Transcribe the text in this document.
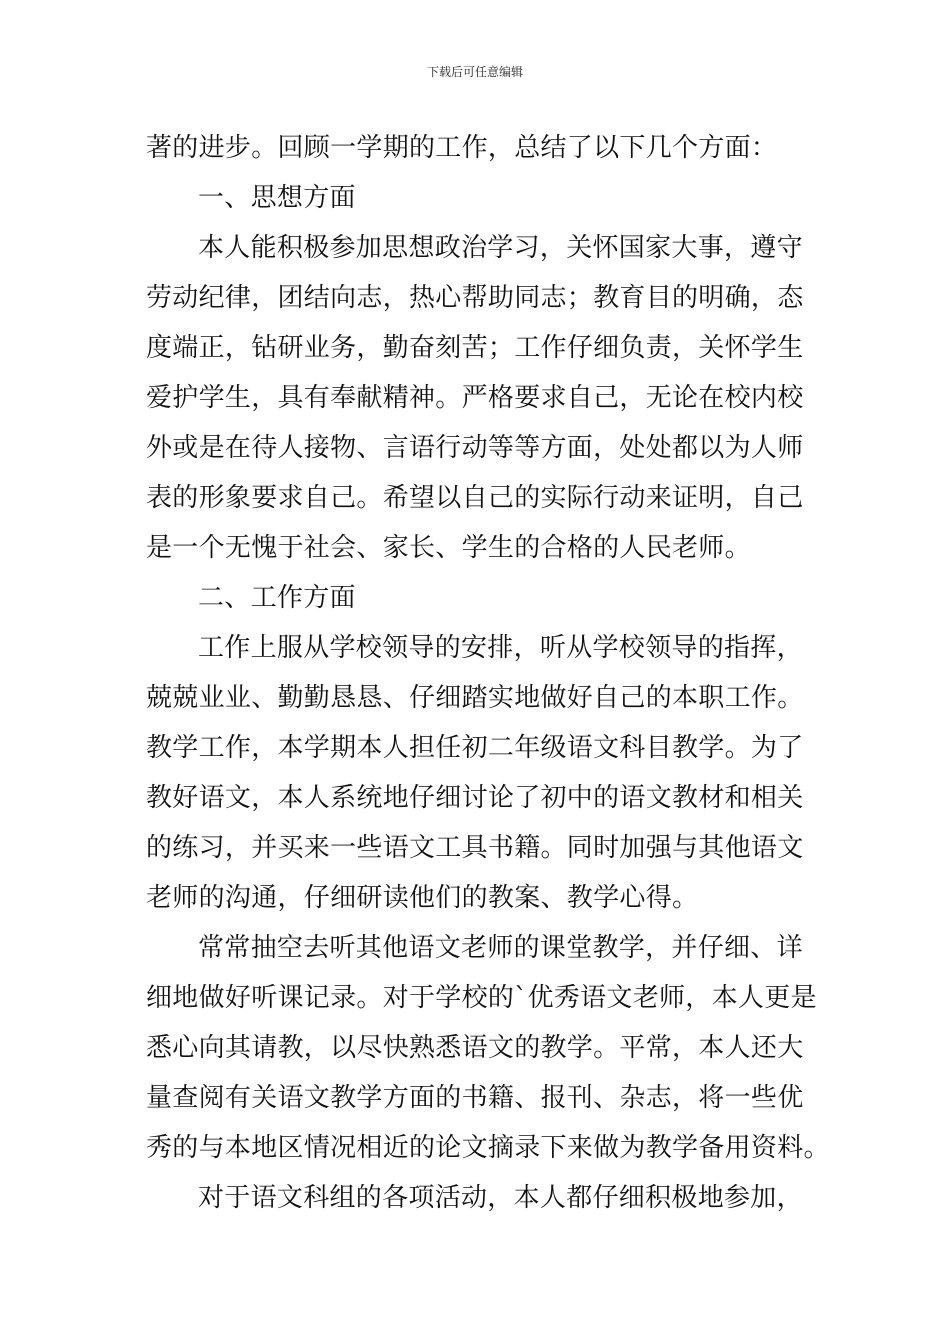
下载后可任意编辑
著的进步。回顾一学期的工作，总结了以下几个方面：
一、思想方面
本人能积极参加思想政治学习，关怀国家大事，遵守
劳动纪律，团结向志，热心帮助同志；教育目的明确，态
度端正，钻研业务，勤奋刻苦；工作仔细负责，关怀学生
爱护学生，具有奉献精神。严格要求自己，无论在校内校
外或是在待人接物、言语行动等等方面，处处都以为人师
表的形象要求自己。希望以自己的实际行动来证明，自己
是一个无愧于社会、家长、学生的合格的人民老师。
二、工作方面
工作上服从学校领导的安排，听从学校领导的指挥，
兢兢业业、勤勤恳恳、仔细踏实地做好自己的本职工作。
教学工作，本学期本人担任初二年级语文科目教学。为了
教好语文，本人系统地仔细讨论了初中的语文教材和相关
的练习，并买来一些语文工具书籍。同时加强与其他语文
老师的沟通，仔细研读他们的教案、教学心得。
常常抽空去听其他语文老师的课堂教学，并仔细、详
细地做好听课记录。对于学校的`优秀语文老师，本人更是
悉心向其请教，以尽快熟悉语文的教学。平常，本人还大
量查阅有关语文教学方面的书籍、报刊、杂志，将一些优
秀的与本地区情况相近的论文摘录下来做为教学备用资料。
对于语文科组的各项活动，本人都仔细积极地参加，
